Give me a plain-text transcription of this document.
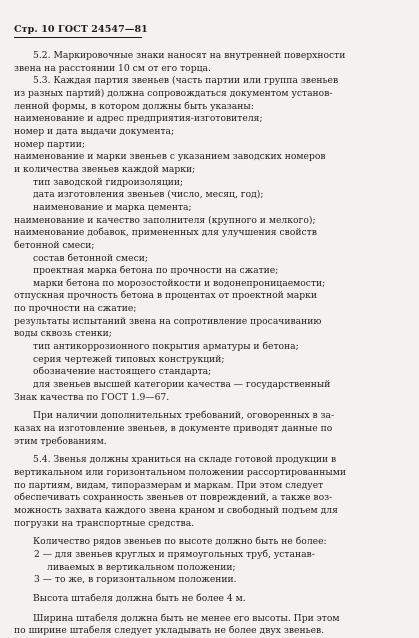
Стр. 10 ГОСТ 24547—81
5.2. Маркировочные знаки наносят на внутренней поверхности
звена на расстоянии 10 см от его торца.
5.3. Каждая партия звеньев (часть партии или группа звеньев
из разных партий) должна сопровождаться документом установ-
ленной формы, в котором должны быть указаны:
наименование и адрес предприятия-изготовителя;
номер и дата выдачи документа;
номер партии;
наименование и марки звеньев с указанием заводских номеров
и количества звеньев каждой марки;
тип заводской гидроизоляции;
дата изготовления звеньев (число, месяц, год);
наименование и марка цемента;
наименование и качество заполнителя (крупного и мелкого);
наименование добавок, примененных для улучшения свойств
бетонной смеси;
состав бетонной смеси;
проектная марка бетона по прочности на сжатие;
марки бетона по морозостойкости и водонепроницаемости;
отпускная прочность бетона в процентах от проектной марки
по прочности на сжатие;
результаты испытаний звена на сопротивление просачиванию
воды сквозь стенки;
тип антикоррозионного покрытия арматуры и бетона;
серия чертежей типовых конструкций;
обозначение настоящего стандарта;
для звеньев высшей категории качества — государственный
Знак качества по ГОСТ 1.9—67.
При наличии дополнительных требований, оговоренных в за-
казах на изготовление звеньев, в документе приводят данные по
этим требованиям.
5.4. Звенья должны храниться на складе готовой продукции в
вертикальном или горизонтальном положении рассортированными
по партиям, видам, типоразмерам и маркам. При этом следует
обеспечивать сохранность звеньев от повреждений, а также воз-
можность захвата каждого звена краном и свободный подъем для
погрузки на транспортные средства.
Количество рядов звеньев по высоте должно быть не более:
2 — для звеньев круглых и прямоугольных труб, устанав-
ливаемых в вертикальном положении;
3 — то же, в горизонтальном положении.
Высота штабеля должна быть не более 4 м.
Ширина штабеля должна быть не менее его высоты. При этом
по ширине штабеля следует укладывать не более двух звеньев.
